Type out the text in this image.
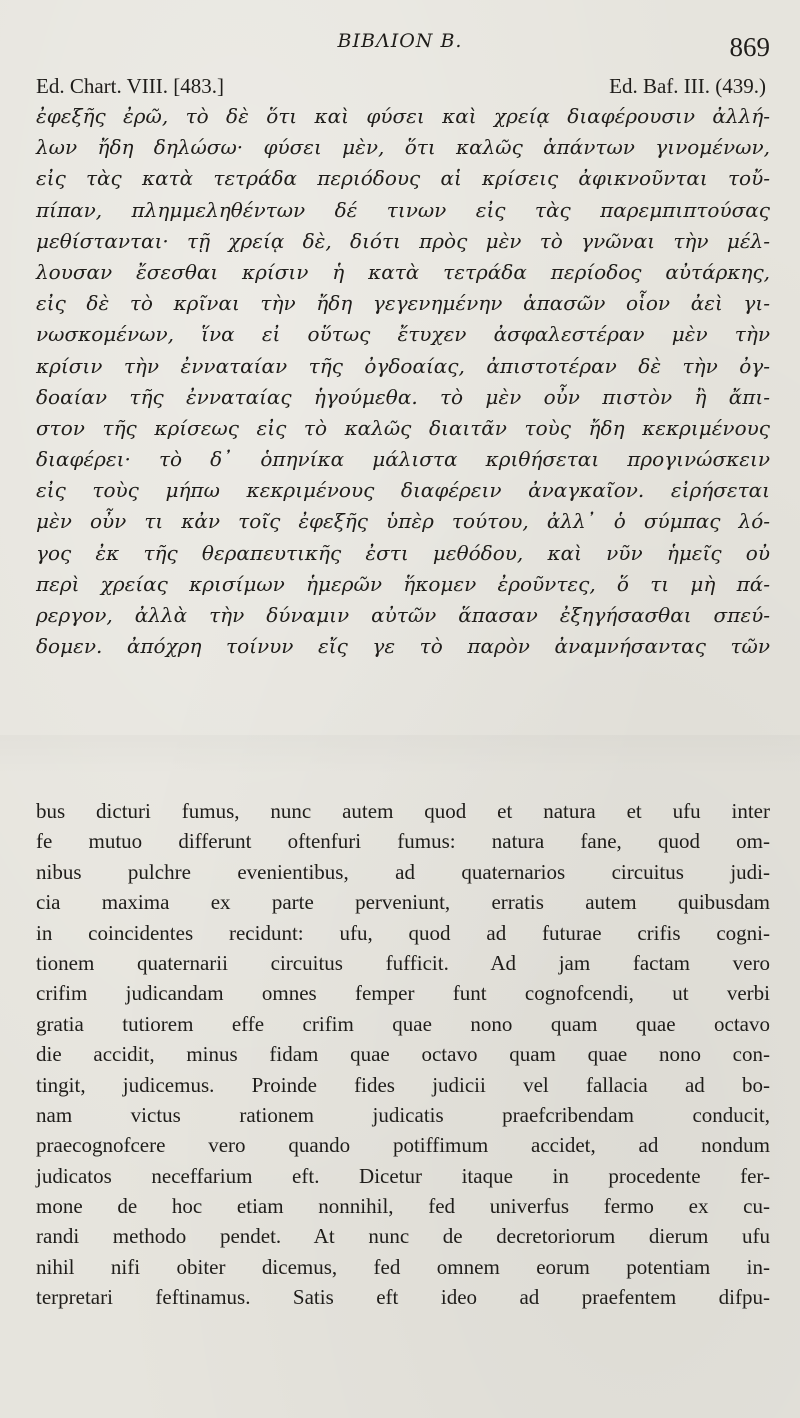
ΒΙΒΛΙΟΝ Β.	869
Ed. Chart. VIII. [483.]	Ed. Baf. III. (439.)
ἐφεξῆς ἐρῶ, τὸ δὲ ὅτι καὶ φύσει καὶ χρείᾳ διαφέρουσιν ἀλλή-
λων ἤδη δηλώσω· φύσει μὲν, ὅτι καλῶς ἁπάντων γινομένων,
εἰς τὰς κατὰ τετράδα περιόδους αἱ κρίσεις ἀφικνοῦνται τοὔ-
πίπαν, πλημμεληθέντων δέ τινων εἰς τὰς παρεμπιπτούσας
μεθίστανται· τῇ χρείᾳ δὲ, διότι πρὸς μὲν τὸ γνῶναι τὴν μέλ-
λουσαν ἔσεσθαι κρίσιν ἡ κατὰ τετράδα περίοδος αὐτάρκης,
εἰς δὲ τὸ κρῖναι τὴν ἤδη γεγενημένην ἁπασῶν οἷον ἀεὶ γι-
νωσκομένων, ἵνα εἰ οὕτως ἔτυχεν ἀσφαλεστέραν μὲν τὴν
κρίσιν τὴν ἐνναταίαν τῆς ὀγδοαίας, ἀπιστοτέραν δὲ τὴν ὀγ-
δοαίαν τῆς ἐνναταίας ἡγούμεθα. τὸ μὲν οὖν πιστὸν ἢ ἄπι-
στον τῆς κρίσεως εἰς τὸ καλῶς διαιτᾶν τοὺς ἤδη κεκριμένους
διαφέρει· τὸ δ᾽ ὁπηνίκα μάλιστα κριθήσεται προγινώσκειν
εἰς τοὺς μήπω κεκριμένους διαφέρειν ἀναγκαῖον. εἰρήσεται
μὲν οὖν τι κἀν τοῖς ἐφεξῆς ὑπὲρ τούτου, ἀλλ᾽ ὁ σύμπας λό-
γος ἐκ τῆς θεραπευτικῆς ἐστι μεθόδου, καὶ νῦν ἡμεῖς οὐ
περὶ χρείας κρισίμων ἡμερῶν ἥκομεν ἐροῦντες, ὅ τι μὴ πά-
ρεργον, ἀλλὰ τὴν δύναμιν αὐτῶν ἅπασαν ἐξηγήσασθαι σπεύ-
δομεν. ἀπόχρη τοίνυν εἴς γε τὸ παρὸν ἀναμνήσαντας τῶν
bus dicturi fumus, nunc autem quod et natura et ufu inter
fe mutuo differunt oftenfuri fumus: natura fane, quod om-
nibus pulchre evenientibus, ad quaternarios circuitus judi-
cia maxima ex parte perveniunt, erratis autem quibusdam
in coincidentes recidunt: ufu, quod ad futurae crifis cogni-
tionem quaternarii circuitus fufficit. Ad jam factam vero
crifim judicandam omnes femper funt cognofcendi, ut verbi
gratia tutiorem effe crifim quae nono quam quae octavo
die accidit, minus fidam quae octavo quam quae nono con-
tingit, judicemus. Proinde fides judicii vel fallacia ad bo-
nam victus rationem judicatis praefcribendam conducit,
praecognofcere vero quando potiffimum accidet, ad nondum
judicatos neceffarium eft. Dicetur itaque in procedente fer-
mone de hoc etiam nonnihil, fed univerfus fermo ex cu-
randi methodo pendet. At nunc de decretoriorum dierum ufu
nihil nifi obiter dicemus, fed omnem eorum potentiam in-
terpretari feftinamus. Satis eft ideo ad praefentem difpu-
